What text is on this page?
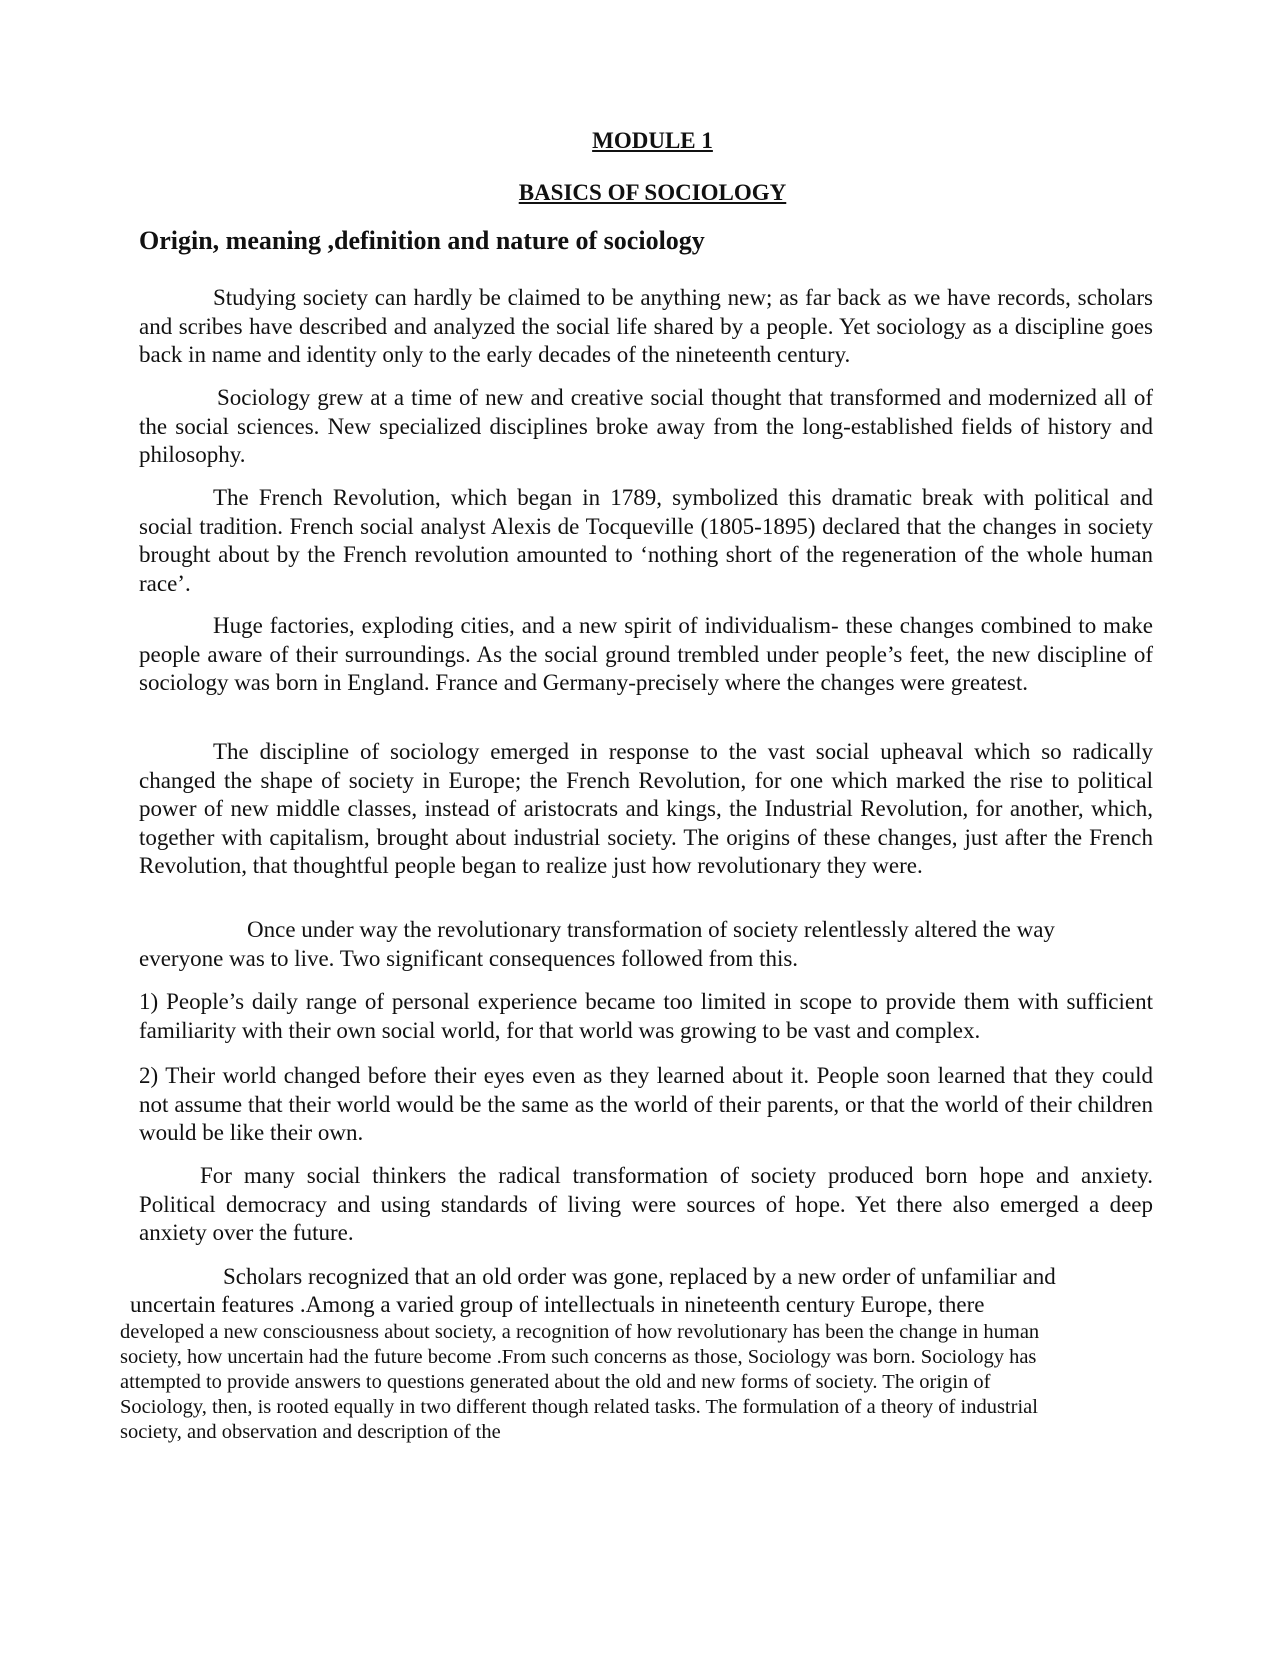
MODULE 1
BASICS OF SOCIOLOGY
Origin, meaning ,definition and nature of sociology

Studying society can hardly be claimed to be anything new; as far back as we have records, scholars and scribes have described and analyzed the social life shared by a people. Yet sociology as a discipline goes back in name and identity only to the early decades of the nineteenth century.

Sociology grew at a time of new and creative social thought that transformed and modernized all of the social sciences. New specialized disciplines broke away from the long-established fields of history and philosophy.

The French Revolution, which began in 1789, symbolized this dramatic break with political and social tradition. French social analyst Alexis de Tocqueville (1805-1895) declared that the changes in society brought about by the French revolution amounted to ‘nothing short of the regeneration of the whole human race’.

Huge factories, exploding cities, and a new spirit of individualism- these changes combined to make people aware of their surroundings. As the social ground trembled under people’s feet, the new discipline of sociology was born in England. France and Germany-precisely where the changes were greatest.

The discipline of sociology emerged in response to the vast social upheaval which so radically changed the shape of society in Europe; the French Revolution, for one which marked the rise to political power of new middle classes, instead of aristocrats and kings, the Industrial Revolution, for another, which, together with capitalism, brought about industrial society. The origins of these changes, just after the French Revolution, that thoughtful people began to realize just how revolutionary they were.

Once under way the revolutionary transformation of society relentlessly altered the way everyone was to live. Two significant consequences followed from this.

1) People’s daily range of personal experience became too limited in scope to provide them with sufficient familiarity with their own social world, for that world was growing to be vast and complex.

2) Their world changed before their eyes even as they learned about it. People soon learned that they could not assume that their world would be the same as the world of their parents, or that the world of their children would be like their own.

For many social thinkers the radical transformation of society produced born hope and anxiety. Political democracy and using standards of living were sources of hope. Yet there also emerged a deep anxiety over the future.

Scholars recognized that an old order was gone, replaced by a new order of unfamiliar and
uncertain features .Among a varied group of intellectuals in nineteenth century Europe, there
developed a new consciousness about society, a recognition of how revolutionary has been the change in human
society, how uncertain had the future become .From such concerns as those, Sociology was born. Sociology has
attempted to provide answers to questions generated about the old and new forms of society. The origin of
Sociology, then, is rooted equally in two different though related tasks. The formulation of a theory of industrial
society, and observation and description of the
